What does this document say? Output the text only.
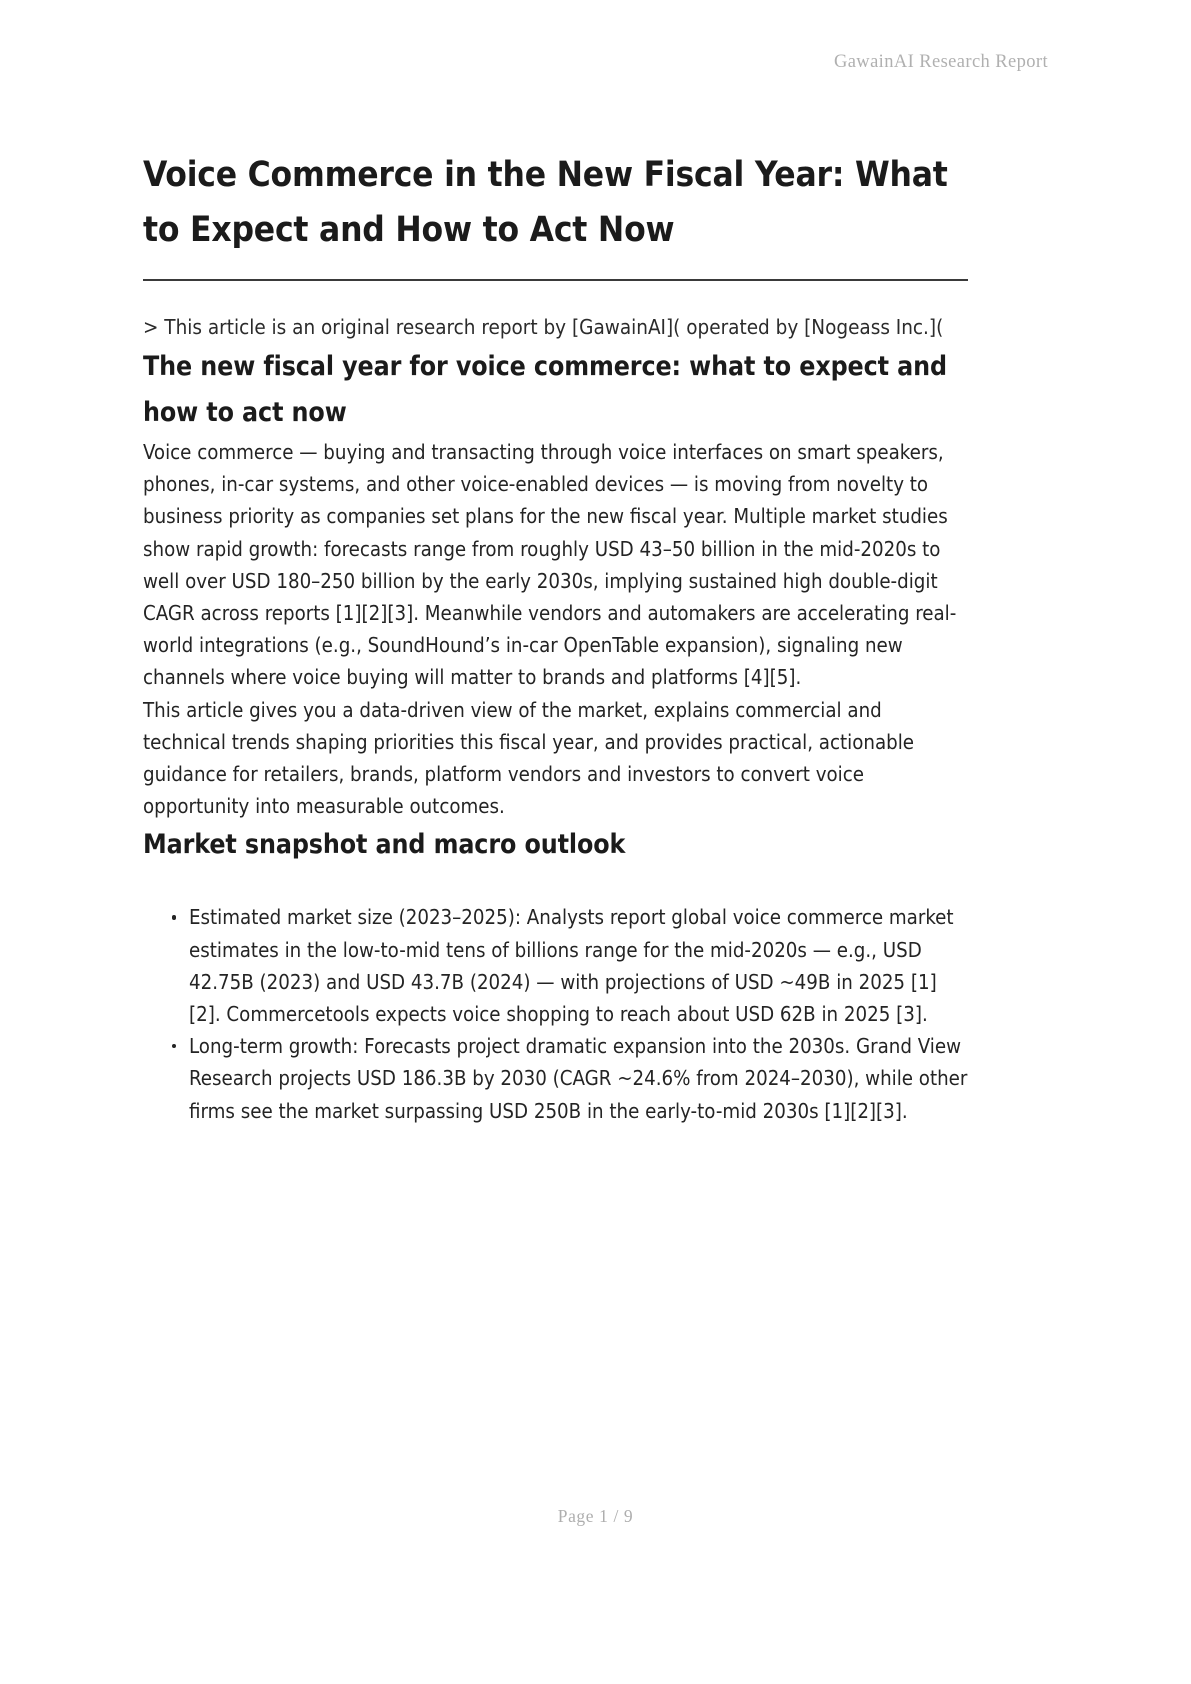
GawainAI Research Report
Voice Commerce in the New Fiscal Year: What to Expect and How to Act Now
> This article is an original research report by [GawainAI]( operated by [Nogeass Inc.](
The new fiscal year for voice commerce: what to expect and how to act now

Voice commerce — buying and transacting through voice interfaces on smart speakers, phones, in-car systems, and other voice-enabled devices — is moving from novelty to business priority as companies set plans for the new fiscal year. Multiple market studies show rapid growth: forecasts range from roughly USD 43–50 billion in the mid-2020s to well over USD 180–250 billion by the early 2030s, implying sustained high double-digit CAGR across reports [1][2][3]. Meanwhile vendors and automakers are accelerating real-world integrations (e.g., SoundHound’s in-car OpenTable expansion), signaling new channels where voice buying will matter to brands and platforms [4][5].

This article gives you a data-driven view of the market, explains commercial and technical trends shaping priorities this fiscal year, and provides practical, actionable guidance for retailers, brands, platform vendors and investors to convert voice opportunity into measurable outcomes.

Market snapshot and macro outlook
Estimated market size (2023–2025): Analysts report global voice commerce market estimates in the low-to-mid tens of billions range for the mid-2020s — e.g., USD 42.75B (2023) and USD 43.7B (2024) — with projections of USD ~49B in 2025 [1][2]. Commercetools expects voice shopping to reach about USD 62B in 2025 [3].
Long-term growth: Forecasts project dramatic expansion into the 2030s. Grand View Research projects USD 186.3B by 2030 (CAGR ~24.6% from 2024–2030), while other firms see the market surpassing USD 250B in the early-to-mid 2030s [1][2][3].
Page 1 / 9
